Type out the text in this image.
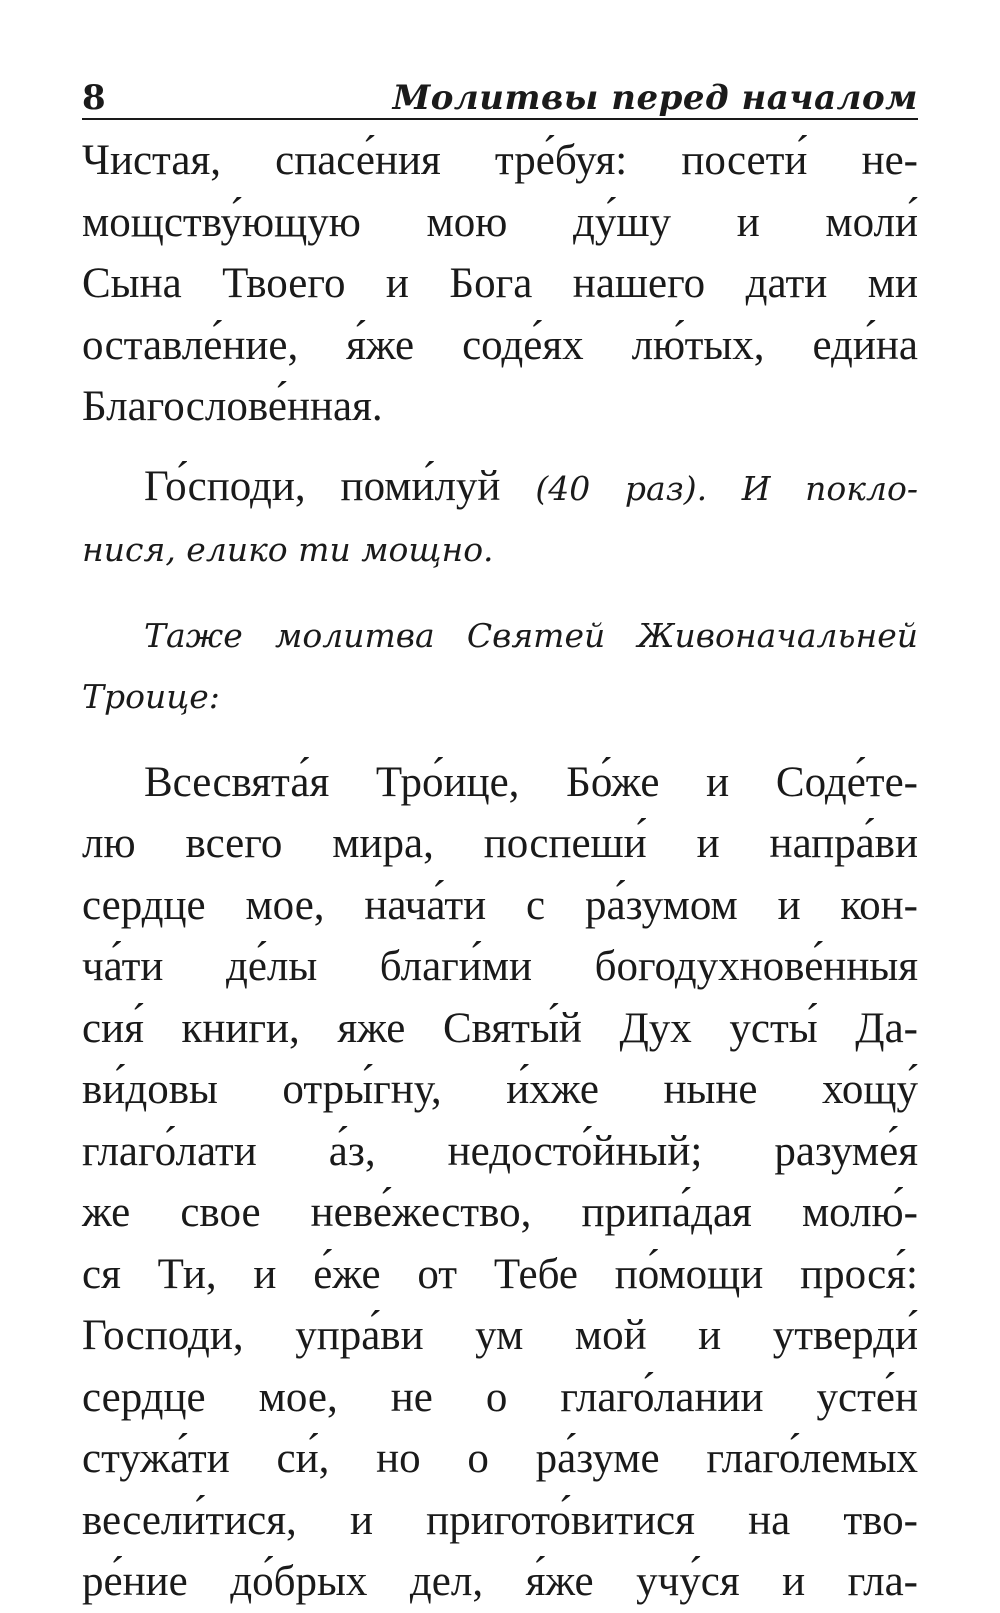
8	Молитвы перед началом
Чистая, спасе́ния тре́буя: посети́ не-
мощству́ющую мою ду́шу и моли́
Сына Твоего и Бога нашего дати ми
оставле́ние, я́же соде́ях лю́тых, еди́на
Благослове́нная.
Го́споди, поми́луй (40 раз). И покло-
нися, елико ти мощно.
Таже молитва Святей Живоначальней
Троице:
Всесвята́я Тро́ице, Бо́же и Соде́те-
лю всего мира, поспеши́ и напра́ви
сердце мое, нача́ти с ра́зумом и кон-
ча́ти де́лы благи́ми богодухнове́нныя
сия́ книги, яже Святы́й Дух усты́ Да-
ви́довы отры́гну, и́хже ныне хощу́
глаго́лати а́з, недосто́йный; разуме́я
же свое неве́жество, припа́дая молю́-
ся Ти, и е́же от Тебе по́мощи прося́:
Господи, упра́ви ум мой и утверди́
сердце мое, не о глаго́лании усте́н
стужа́ти си́, но о ра́зуме глаго́лемых
весели́тися, и пригото́витися на тво-
ре́ние до́брых дел, я́же учу́ся и гла-
